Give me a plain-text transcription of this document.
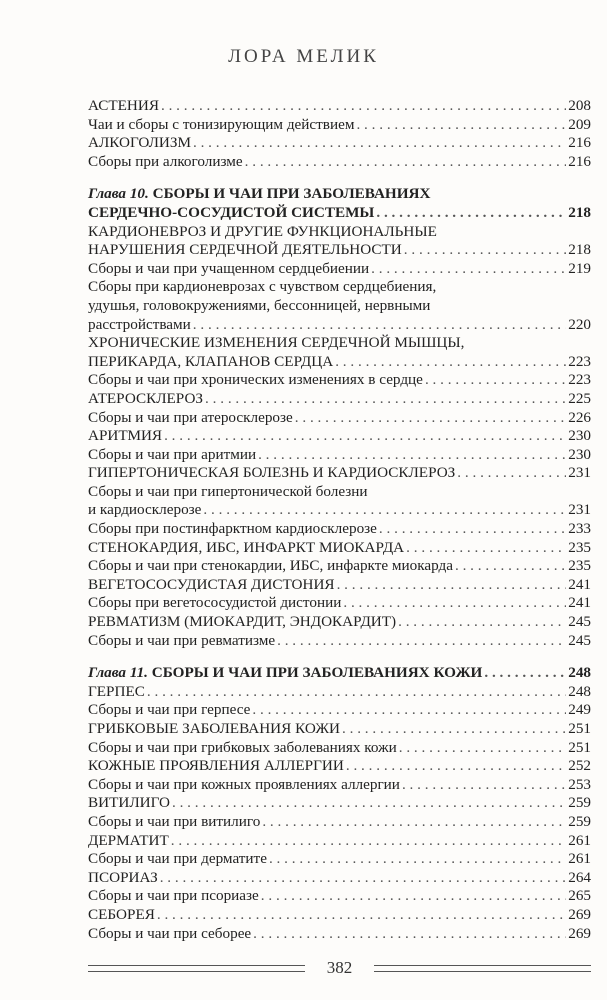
ЛОРА МЕЛИК
АСТЕНИЯ . . .	208
Чаи и сборы с тонизирующим действием . . .	209
АЛКОГОЛИЗМ . . .	216
Сборы при алкоголизме . . .	216
Глава 10. СБОРЫ И ЧАИ ПРИ ЗАБОЛЕВАНИЯХ
СЕРДЕЧНО-СОСУДИСТОЙ СИСТЕМЫ . . .	218
КАРДИОНЕВРОЗ И ДРУГИЕ ФУНКЦИОНАЛЬНЫЕ
НАРУШЕНИЯ СЕРДЕЧНОЙ ДЕЯТЕЛЬНОСТИ . . .	218
Сборы и чаи при учащенном сердцебиении . . .	219
Сборы при кардионеврозах с чувством сердцебиения,
удушья, головокружениями, бессонницей, нервными
расстройствами . . .	220
ХРОНИЧЕСКИЕ ИЗМЕНЕНИЯ СЕРДЕЧНОЙ МЫШЦЫ,
ПЕРИКАРДА, КЛАПАНОВ СЕРДЦА . . .	223
Сборы и чаи при хронических изменениях в сердце . . .	223
АТЕРОСКЛЕРОЗ . . .	225
Сборы и чаи при атеросклерозе . . .	226
АРИТМИЯ . . .	230
Сборы и чаи при аритмии . . .	230
ГИПЕРТОНИЧЕСКАЯ БОЛЕЗНЬ И КАРДИОСКЛЕРОЗ . . .	231
Сборы и чаи при гипертонической болезни
и кардиосклерозе . . .	231
Сборы при постинфарктном кардиосклерозе . . .	233
СТЕНОКАРДИЯ, ИБС, ИНФАРКТ МИОКАРДА . . .	235
Сборы и чаи при стенокардии, ИБС, инфаркте миокарда . . .	235
ВЕГЕТОСОСУДИСТАЯ ДИСТОНИЯ . . .	241
Сборы при вегетососудистой дистонии . . .	241
РЕВМАТИЗМ (МИОКАРДИТ, ЭНДОКАРДИТ) . . .	245
Сборы и чаи при ревматизме . . .	245
Глава 11. СБОРЫ И ЧАИ ПРИ ЗАБОЛЕВАНИЯХ КОЖИ . . .	248
ГЕРПЕС . . .	248
Сборы и чаи при герпесе . . .	249
ГРИБКОВЫЕ ЗАБОЛЕВАНИЯ КОЖИ . . .	251
Сборы и чаи при грибковых заболеваниях кожи . . .	251
КОЖНЫЕ ПРОЯВЛЕНИЯ АЛЛЕРГИИ . . .	252
Сборы и чаи при кожных проявлениях аллергии . . .	253
ВИТИЛИГО . . .	259
Сборы и чаи при витилиго . . .	259
ДЕРМАТИТ . . .	261
Сборы и чаи при дерматите . . .	261
ПСОРИАЗ . . .	264
Сборы и чаи при псориазе . . .	265
СЕБОРЕЯ . . .	269
Сборы и чаи при себорее . . .	269
382
